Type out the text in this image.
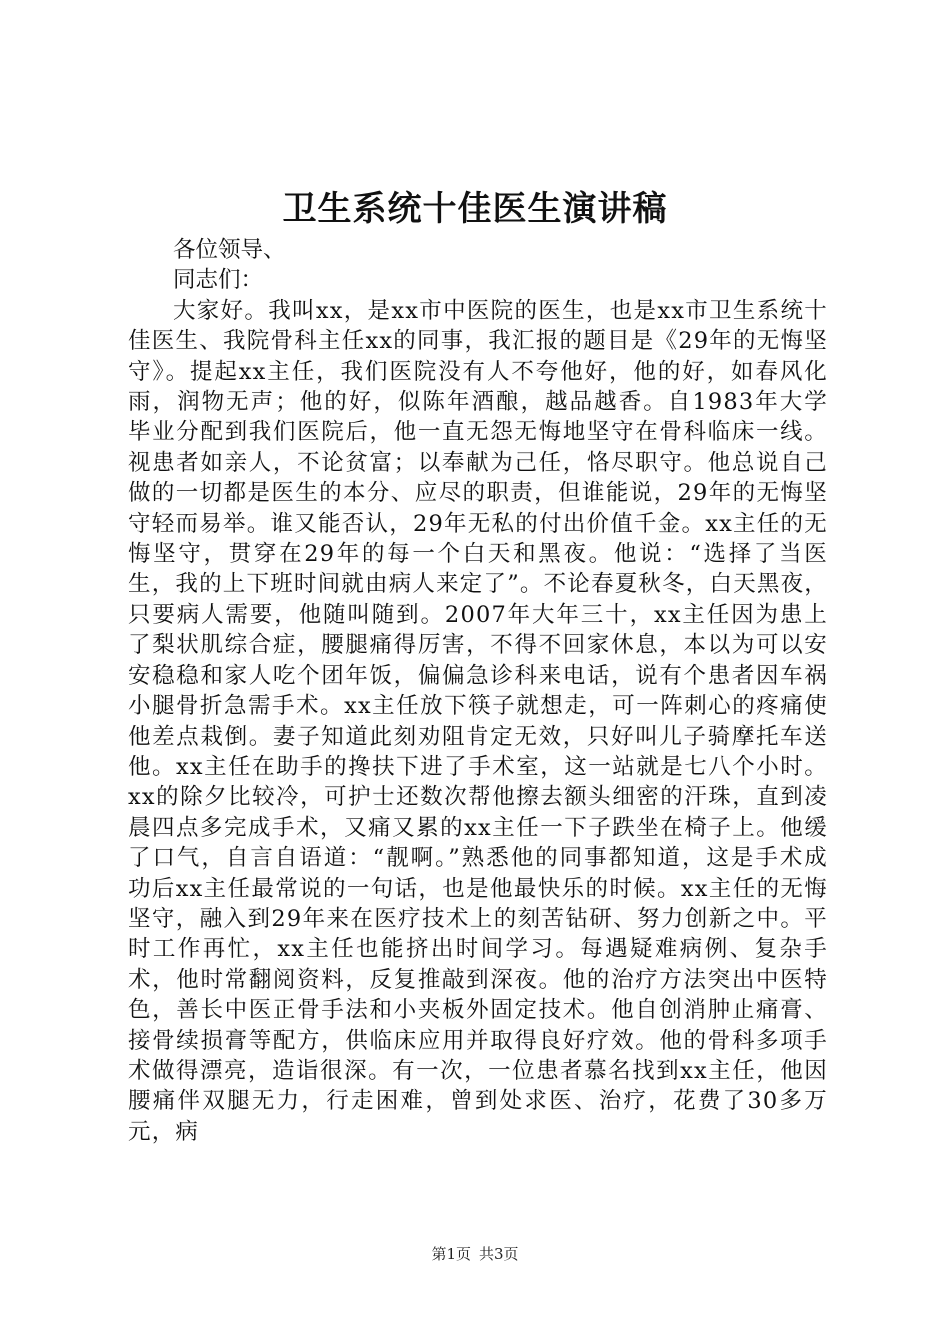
卫生系统十佳医生演讲稿

各位领导、

同志们：

大家好。我叫xx，是xx市中医院的医生，也是xx市卫生系统十佳医生、我院骨科主任xx的同事，我汇报的题目是《29年的无悔坚守》。提起xx主任，我们医院没有人不夸他好，他的好，如春风化雨，润物无声；他的好，似陈年酒酿，越品越香。自1983年大学毕业分配到我们医院后，他一直无怨无悔地坚守在骨科临床一线。视患者如亲人，不论贫富；以奉献为己任，恪尽职守。他总说自己做的一切都是医生的本分、应尽的职责，但谁能说，29年的无悔坚守轻而易举。谁又能否认，29年无私的付出价值千金。xx主任的无悔坚守，贯穿在29年的每一个白天和黑夜。他说：“选择了当医生，我的上下班时间就由病人来定了”。不论春夏秋冬，白天黑夜，只要病人需要，他随叫随到。2007年大年三十，xx主任因为患上了梨状肌综合症，腰腿痛得厉害，不得不回家休息，本以为可以安安稳稳和家人吃个团年饭，偏偏急诊科来电话，说有个患者因车祸小腿骨折急需手术。xx主任放下筷子就想走，可一阵刺心的疼痛使他差点栽倒。妻子知道此刻劝阻肯定无效，只好叫儿子骑摩托车送他。xx主任在助手的搀扶下进了手术室，这一站就是七八个小时。xx的除夕比较冷，可护士还数次帮他擦去额头细密的汗珠，直到凌晨四点多完成手术，又痛又累的xx主任一下子跌坐在椅子上。他缓了口气，自言自语道：“靓啊。”熟悉他的同事都知道，这是手术成功后xx主任最常说的一句话，也是他最快乐的时候。xx主任的无悔坚守，融入到29年来在医疗技术上的刻苦钻研、努力创新之中。平时工作再忙，xx主任也能挤出时间学习。每遇疑难病例、复杂手术，他时常翻阅资料，反复推敲到深夜。他的治疗方法突出中医特色，善长中医正骨手法和小夹板外固定技术。他自创消肿止痛膏、接骨续损膏等配方，供临床应用并取得良好疗效。他的骨科多项手术做得漂亮，造诣很深。有一次，一位患者慕名找到xx主任，他因腰痛伴双腿无力，行走困难，曾到处求医、治疗，花费了30多万元，病

第1页 共3页
